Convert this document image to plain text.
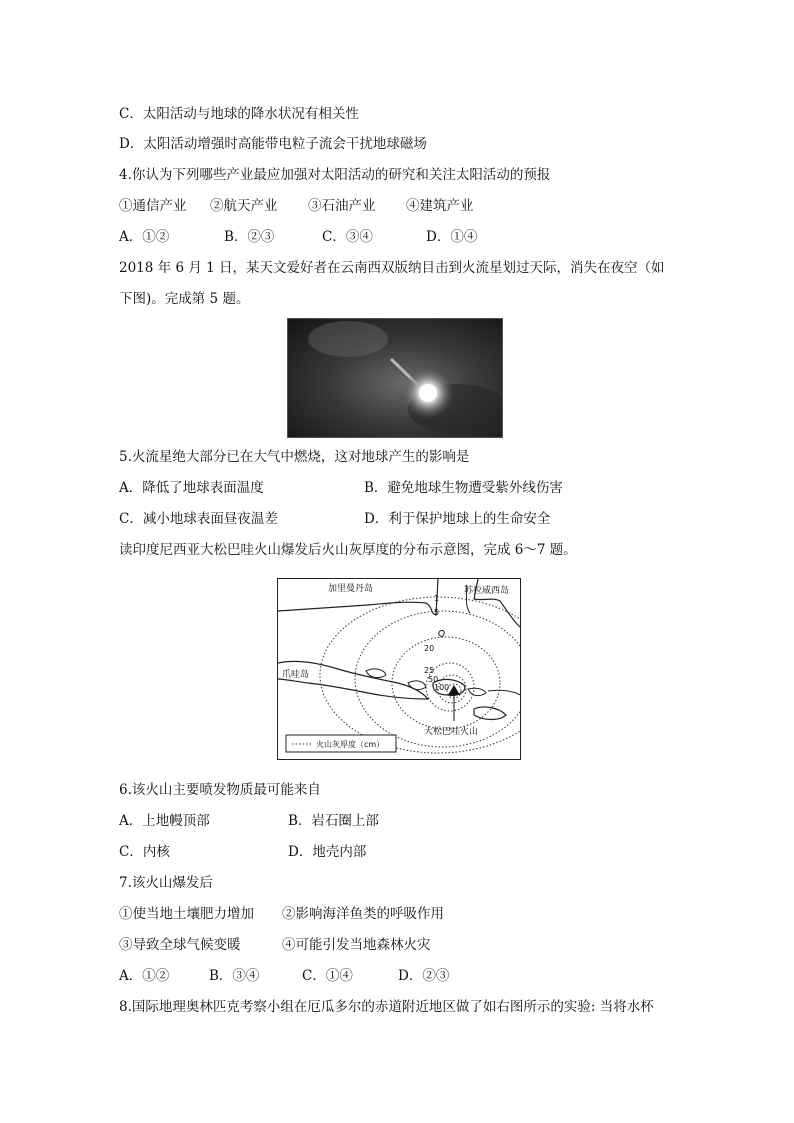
C．太阳活动与地球的降水状况有相关性
D．太阳活动增强时高能带电粒子流会干扰地球磁场
4.你认为下列哪些产业最应加强对太阳活动的研究和关注太阳活动的预报
①通信产业 ②航天产业 ③石油产业 ④建筑产业
A．①②	B．②③	C．③④	D．①④
2018 年 6 月 1 日，某天文爱好者在云南西双版纳目击到火流星划过天际，消失在夜空（如
下图)。完成第 5 题。
5.火流星绝大部分已在大气中燃烧，这对地球产生的影响是
A．降低了地球表面温度	B．避免地球生物遭受紫外线伤害
C．减小地球表面昼夜温差	D．利于保护地球上的生命安全
读印度尼西亚大松巴哇火山爆发后火山灰厚度的分布示意图，完成 6～7 题。
1
5
20
25
50
100
加里曼丹岛	苏拉威西岛
爪哇岛
大松巴哇火山
火山灰厚度（cm）
6.该火山主要喷发物质最可能来自
A．上地幔顶部	B．岩石圈上部
C．内核	D．地壳内部
7.该火山爆发后
①使当地土壤肥力增加 ②影响海洋鱼类的呼吸作用
③导致全球气候变暖	④可能引发当地森林火灾
A．①②	B．③④	C．①④	D．②③
8.国际地理奥林匹克考察小组在厄瓜多尔的赤道附近地区做了如右图所示的实验: 当将水杯
